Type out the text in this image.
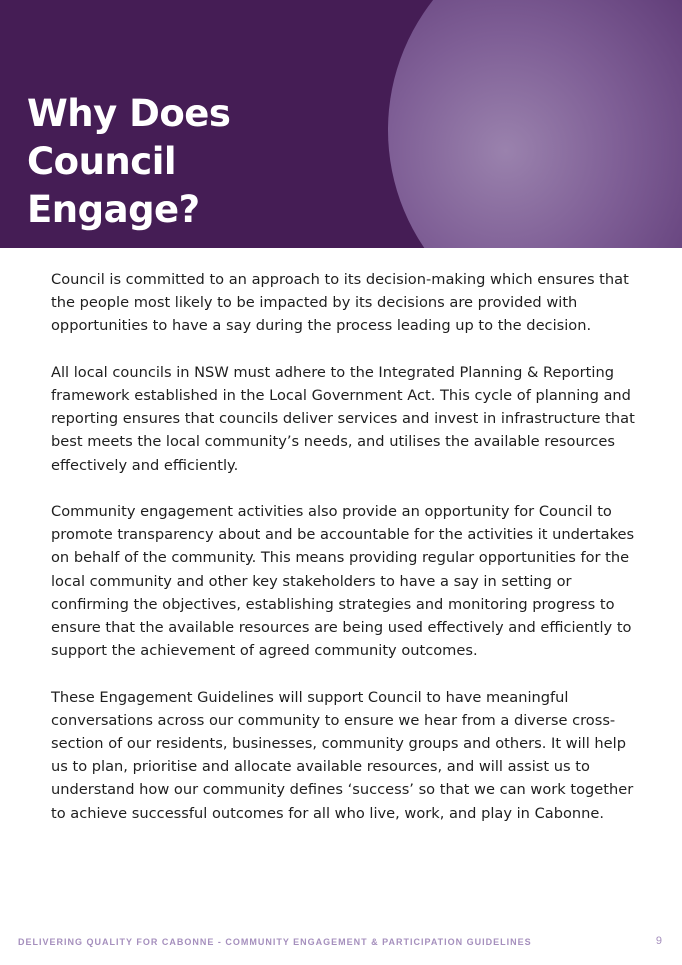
Why Does Council
Engage?

Council is committed to an approach to its decision-making which ensures that the people most likely to be impacted by its decisions are provided with opportunities to have a say during the process leading up to the decision.

All local councils in NSW must adhere to the Integrated Planning & Reporting framework established in the Local Government Act. This cycle of planning and reporting ensures that councils deliver services and invest in infrastructure that best meets the local community’s needs, and utilises the available resources effectively and efficiently.

Community engagement activities also provide an opportunity for Council to promote transparency about and be accountable for the activities it undertakes on behalf of the community. This means providing regular opportunities for the local community and other key stakeholders to have a say in setting or confirming the objectives, establishing strategies and monitoring progress to ensure that the available resources are being used effectively and efficiently to support the achievement of agreed community outcomes.

These Engagement Guidelines will support Council to have meaningful conversations across our community to ensure we hear from a diverse cross-section of our residents, businesses, community groups and others. It will help us to plan, prioritise and allocate available resources, and will assist us to understand how our community defines ‘success’ so that we can work together to achieve successful outcomes for all who live, work, and play in Cabonne.

DELIVERING QUALITY FOR CABONNE - COMMUNITY ENGAGEMENT & PARTICIPATION GUIDELINES	9
